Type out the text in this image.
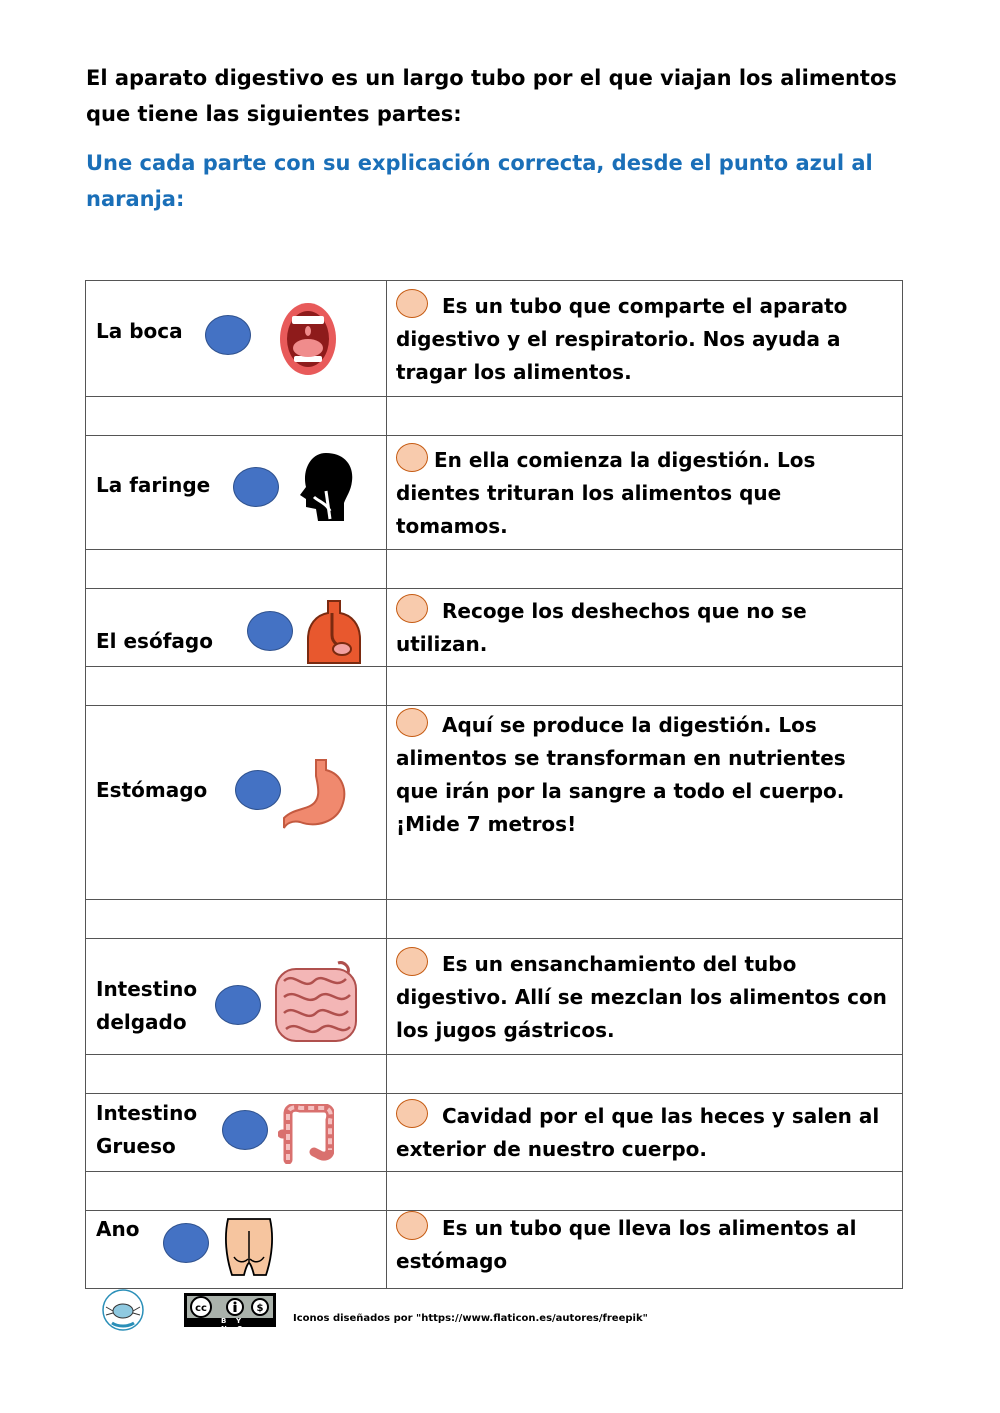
El aparato digestivo es un largo tubo por el que viajan los alimentos que tiene las siguientes partes:
Une cada parte con su explicación correcta, desde el punto azul al naranja:
La boca	Es un tubo que comparte el aparato digestivo y el respiratorio. Nos ayuda a tragar los alimentos.

La faringe	En ella comienza la digestión. Los dientes trituran los alimentos que tomamos.

El esófago	Recoge los deshechos que no se utilizan.

Estómago	Aquí se produce la digestión. Los alimentos se transforman en nutrientes que irán por la sangre a todo el cuerpo.
¡Mide 7 metros!

Intestino delgado	Es un ensanchamiento del tubo digestivo. Allí se mezclan los alimentos con los jugos gástricos.

Intestino Grueso	Cavidad por el que las heces y salen al exterior de nuestro cuerpo.

Ano	Es un tubo que lleva los alimentos al estómago
cc	$
BY NC
Iconos diseñados por "https://www.flaticon.es/autores/freepik"
